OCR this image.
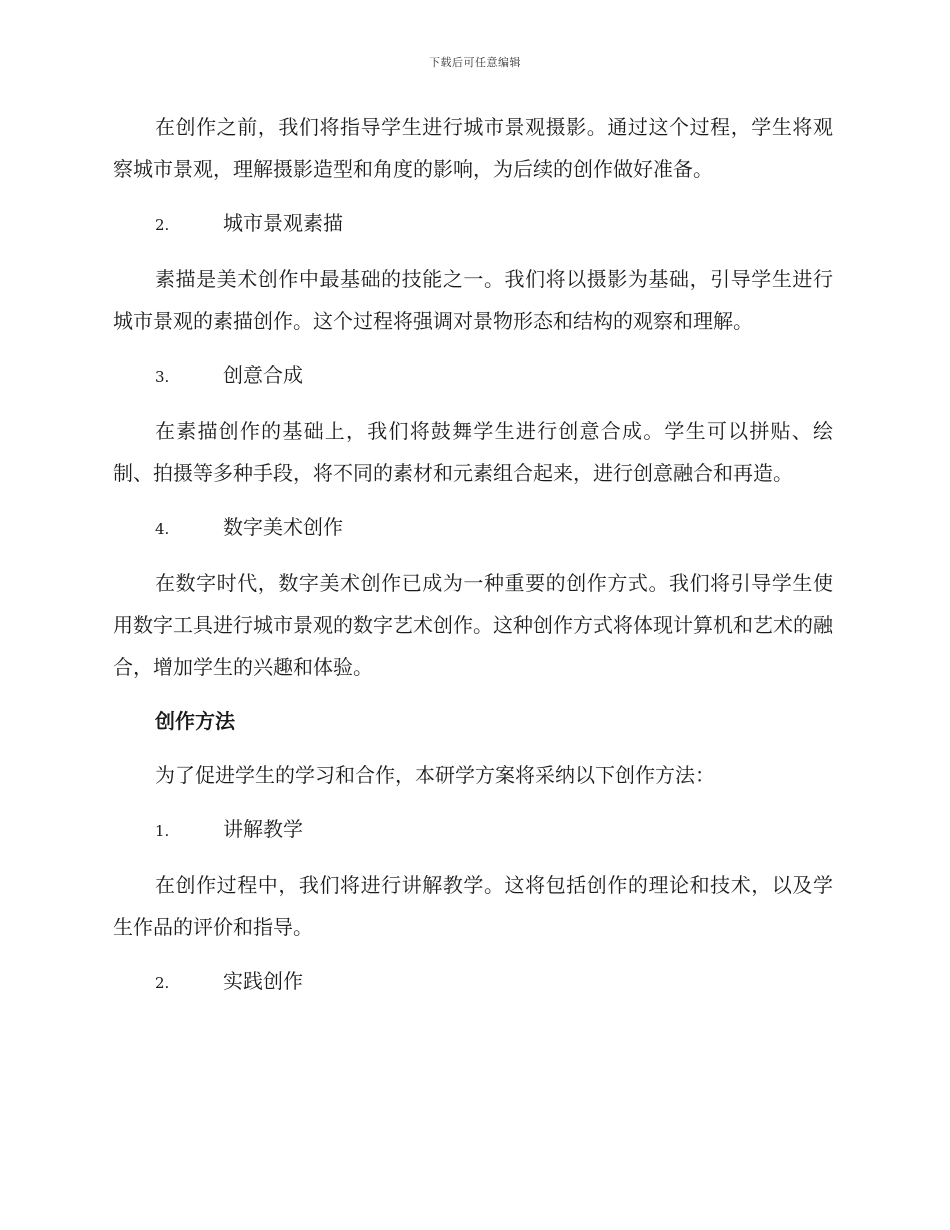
下载后可任意编辑

在创作之前，我们将指导学生进行城市景观摄影。通过这个过程，学生将观察城市景观，理解摄影造型和角度的影响，为后续的创作做好准备。

2.	城市景观素描

素描是美术创作中最基础的技能之一。我们将以摄影为基础，引导学生进行城市景观的素描创作。这个过程将强调对景物形态和结构的观察和理解。

3.	创意合成

在素描创作的基础上，我们将鼓舞学生进行创意合成。学生可以拼贴、绘制、拍摄等多种手段，将不同的素材和元素组合起来，进行创意融合和再造。

4.	数字美术创作

在数字时代，数字美术创作已成为一种重要的创作方式。我们将引导学生使用数字工具进行城市景观的数字艺术创作。这种创作方式将体现计算机和艺术的融合，增加学生的兴趣和体验。

创作方法

为了促进学生的学习和合作，本研学方案将采纳以下创作方法：

1.	讲解教学

在创作过程中，我们将进行讲解教学。这将包括创作的理论和技术，以及学生作品的评价和指导。

2.	实践创作
